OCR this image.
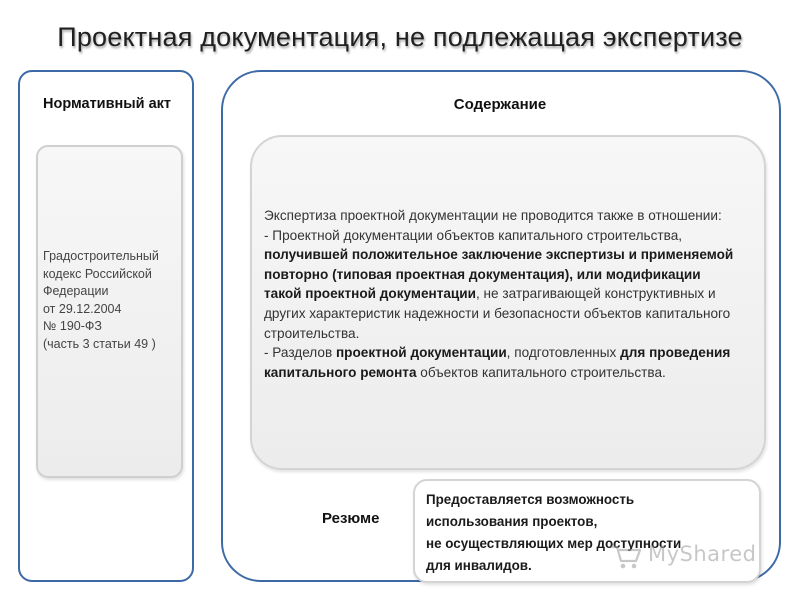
Проектная документация, не подлежащая экспертизе
Нормативный акт
Градостроительный
кодекс Российской
Федерации
от 29.12.2004
№ 190-ФЗ
(часть 3 статьи 49 )
Содержание
Экспертиза проектной документации не проводится также в отношении:
- Проектной документации объектов капитального строительства, получившей положительное заключение экспертизы и применяемой повторно (типовая проектная документация), или модификации такой проектной документации, не затрагивающей конструктивных и других характеристик надежности и безопасности объектов капитального строительства.
- Разделов проектной документации, подготовленных для проведения капитального ремонта объектов капитального строительства.
Резюме
Предоставляется возможность
использования проектов,
не осуществляющих мер доступности
для инвалидов.	MyShared
